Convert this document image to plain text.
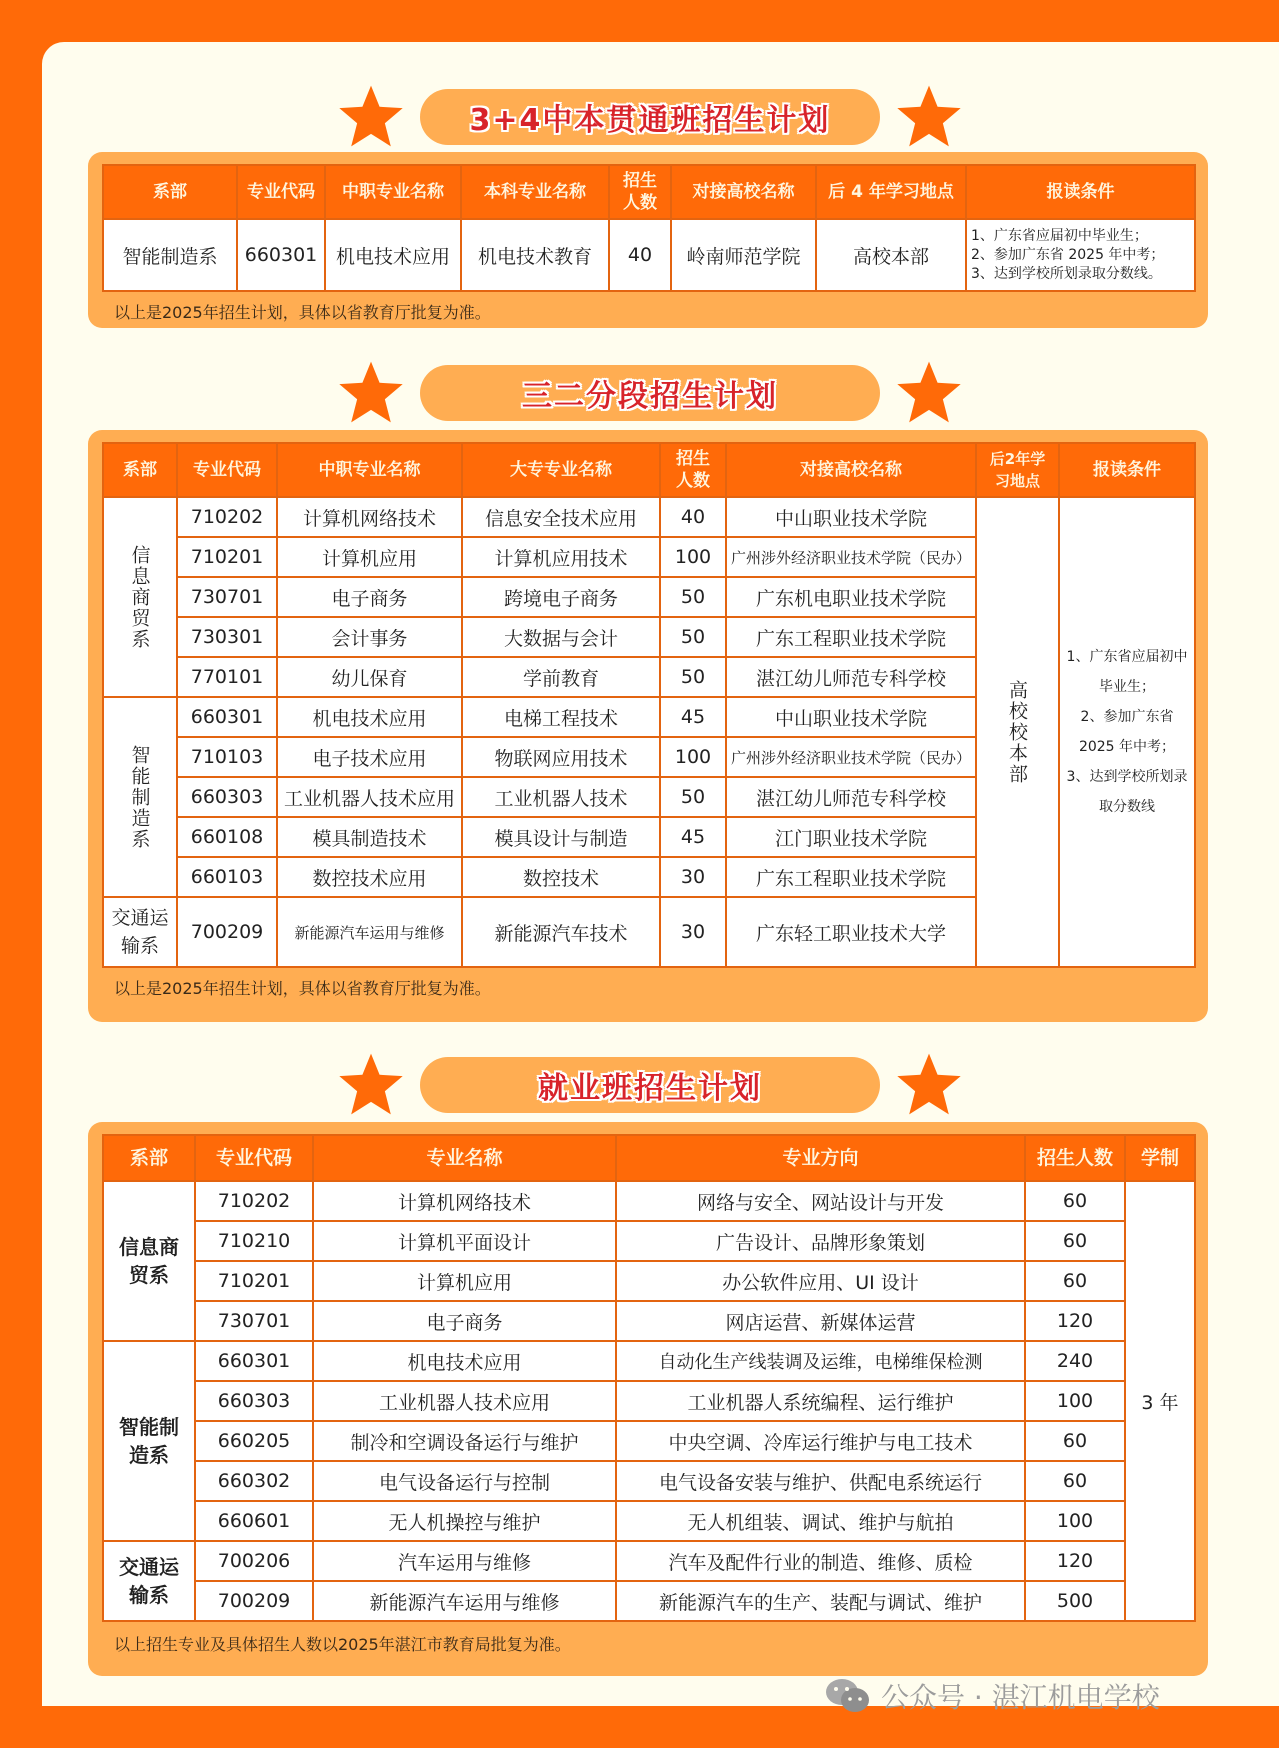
3+4中本贯通班招生计划
系部	专业代码	中职专业名称	本科专业名称	招生人数	对接高校名称	后 4 年学习地点	报读条件
智能制造系	660301	机电技术应用	机电技术教育	40	岭南师范学院	高校本部	1、广东省应届初中毕业生；
2、参加广东省 2025 年中考；
3、达到学校所划录取分数线。
以上是2025年招生计划，具体以省教育厅批复为准。
三二分段招生计划
系部	专业代码	中职专业名称	大专专业名称	招生人数	对接高校名称	后2年学习地点	报读条件

信息商贸系	710202	计算机网络技术	信息安全技术应用	40	中山职业技术学院	高校校本部	1、广东省应届初中毕业生；
2、参加广东省 2025 年中考；
3、达到学校所划录取分数线

	710201	计算机应用	计算机应用技术	100	广州涉外经济职业技术学院（民办）		
	730701	电子商务	跨境电子商务	50	广东机电职业技术学院		
	730301	会计事务	大数据与会计	50	广东工程职业技术学院		
	770101	幼儿保育	学前教育	50	湛江幼儿师范专科学校		

智能制造系	660301	机电技术应用	电梯工程技术	45	中山职业技术学院		
	710103	电子技术应用	物联网应用技术	100	广州涉外经济职业技术学院（民办）		
	660303	工业机器人技术应用	工业机器人技术	50	湛江幼儿师范专科学校		
	660108	模具制造技术	模具设计与制造	45	江门职业技术学院		
	660103	数控技术应用	数控技术	30	广东工程职业技术学院		
交通运输系	700209	新能源汽车运用与维修	新能源汽车技术	30	广东轻工职业技术大学		
以上是2025年招生计划，具体以省教育厅批复为准。
就业班招生计划
系部	专业代码	专业名称	专业方向	招生人数	学制
信息商贸系	710202	计算机网络技术	网络与安全、网站设计与开发	60	3 年
	710210	计算机平面设计	广告设计、品牌形象策划	60	
	710201	计算机应用	办公软件应用、UI 设计	60	
	730701	电子商务	网店运营、新媒体运营	120	
智能制造系	660301	机电技术应用	自动化生产线装调及运维，电梯维保检测	240	
	660303	工业机器人技术应用	工业机器人系统编程、运行维护	100	
	660205	制冷和空调设备运行与维护	中央空调、冷库运行维护与电工技术	60	
	660302	电气设备运行与控制	电气设备安装与维护、供配电系统运行	60	
	660601	无人机操控与维护	无人机组装、调试、维护与航拍	100	
交通运输系	700206	汽车运用与维修	汽车及配件行业的制造、维修、质检	120	
	700209	新能源汽车运用与维修	新能源汽车的生产、装配与调试、维护	500	
以上招生专业及具体招生人数以2025年湛江市教育局批复为准。
公众号 · 湛江机电学校
